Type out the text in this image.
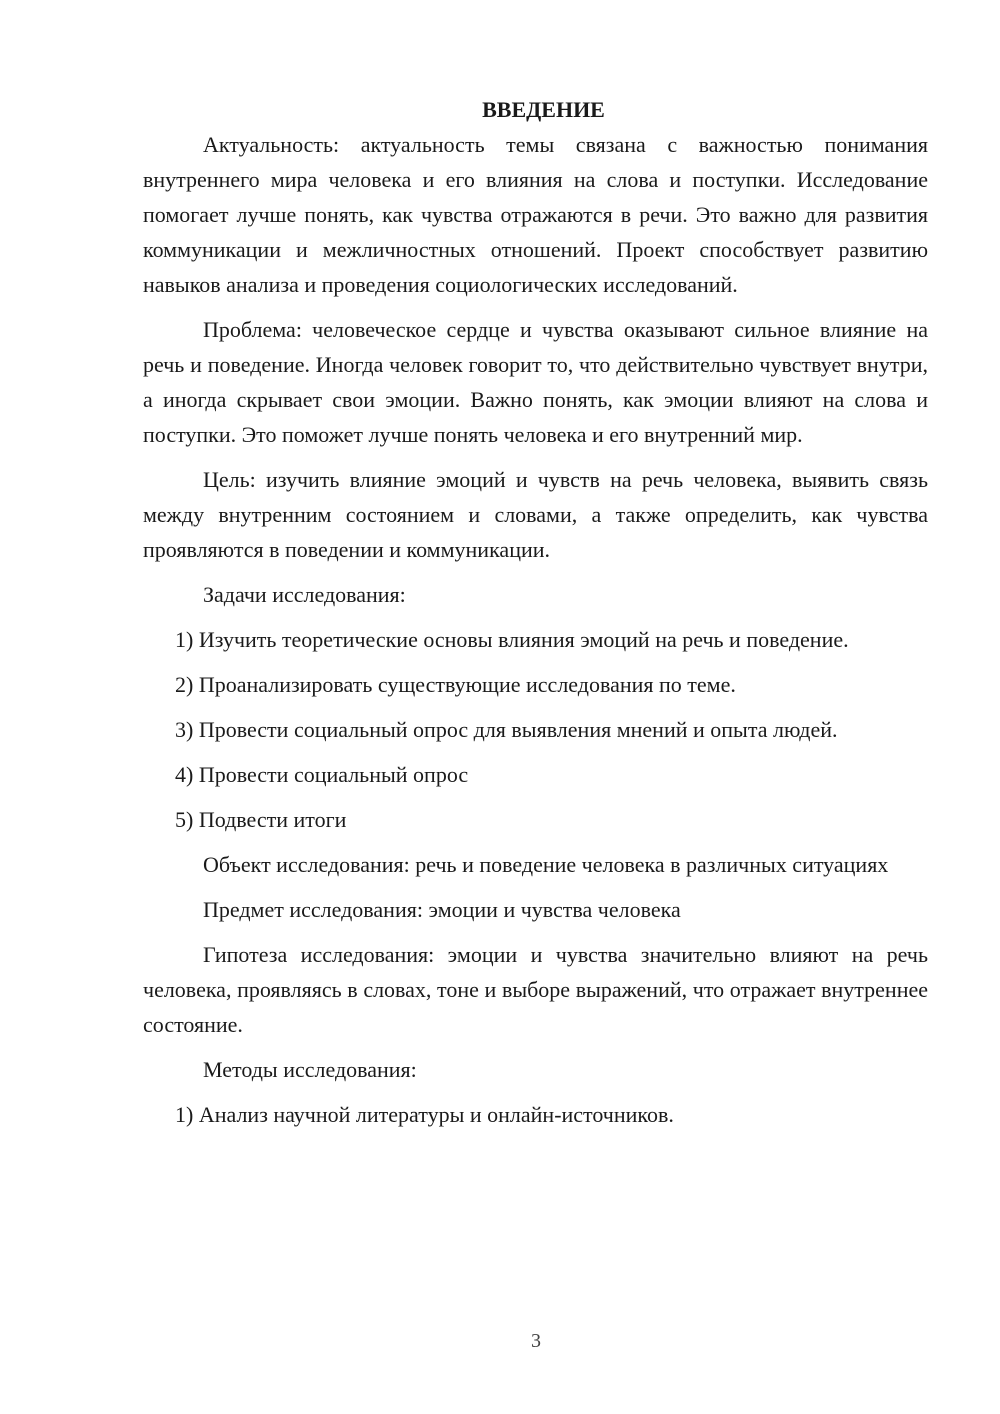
ВВЕДЕНИЕ

Актуальность: актуальность темы связана с важностью понимания внутреннего мира человека и его влияния на слова и поступки. Исследование помогает лучше понять, как чувства отражаются в речи. Это важно для развития коммуникации и межличностных отношений. Проект способствует развитию навыков анализа и проведения социологических исследований.

Проблема: человеческое сердце и чувства оказывают сильное влияние на речь и поведение. Иногда человек говорит то, что действительно чувствует внутри, а иногда скрывает свои эмоции. Важно понять, как эмоции влияют на слова и поступки. Это поможет лучше понять человека и его внутренний мир.

Цель: изучить влияние эмоций и чувств на речь человека, выявить связь между внутренним состоянием и словами, а также определить, как чувства проявляются в поведении и коммуникации.

Задачи исследования:

1) Изучить теоретические основы влияния эмоций на речь и поведение.

2) Проанализировать существующие исследования по теме.

3) Провести социальный опрос для выявления мнений и опыта людей.

4) Провести социальный опрос

5) Подвести итоги

Объект исследования: речь и поведение человека в различных ситуациях

Предмет исследования: эмоции и чувства человека

Гипотеза исследования: эмоции и чувства значительно влияют на речь человека, проявляясь в словах, тоне и выборе выражений, что отражает внутреннее состояние.

Методы исследования:

1) Анализ научной литературы и онлайн-источников.

3
